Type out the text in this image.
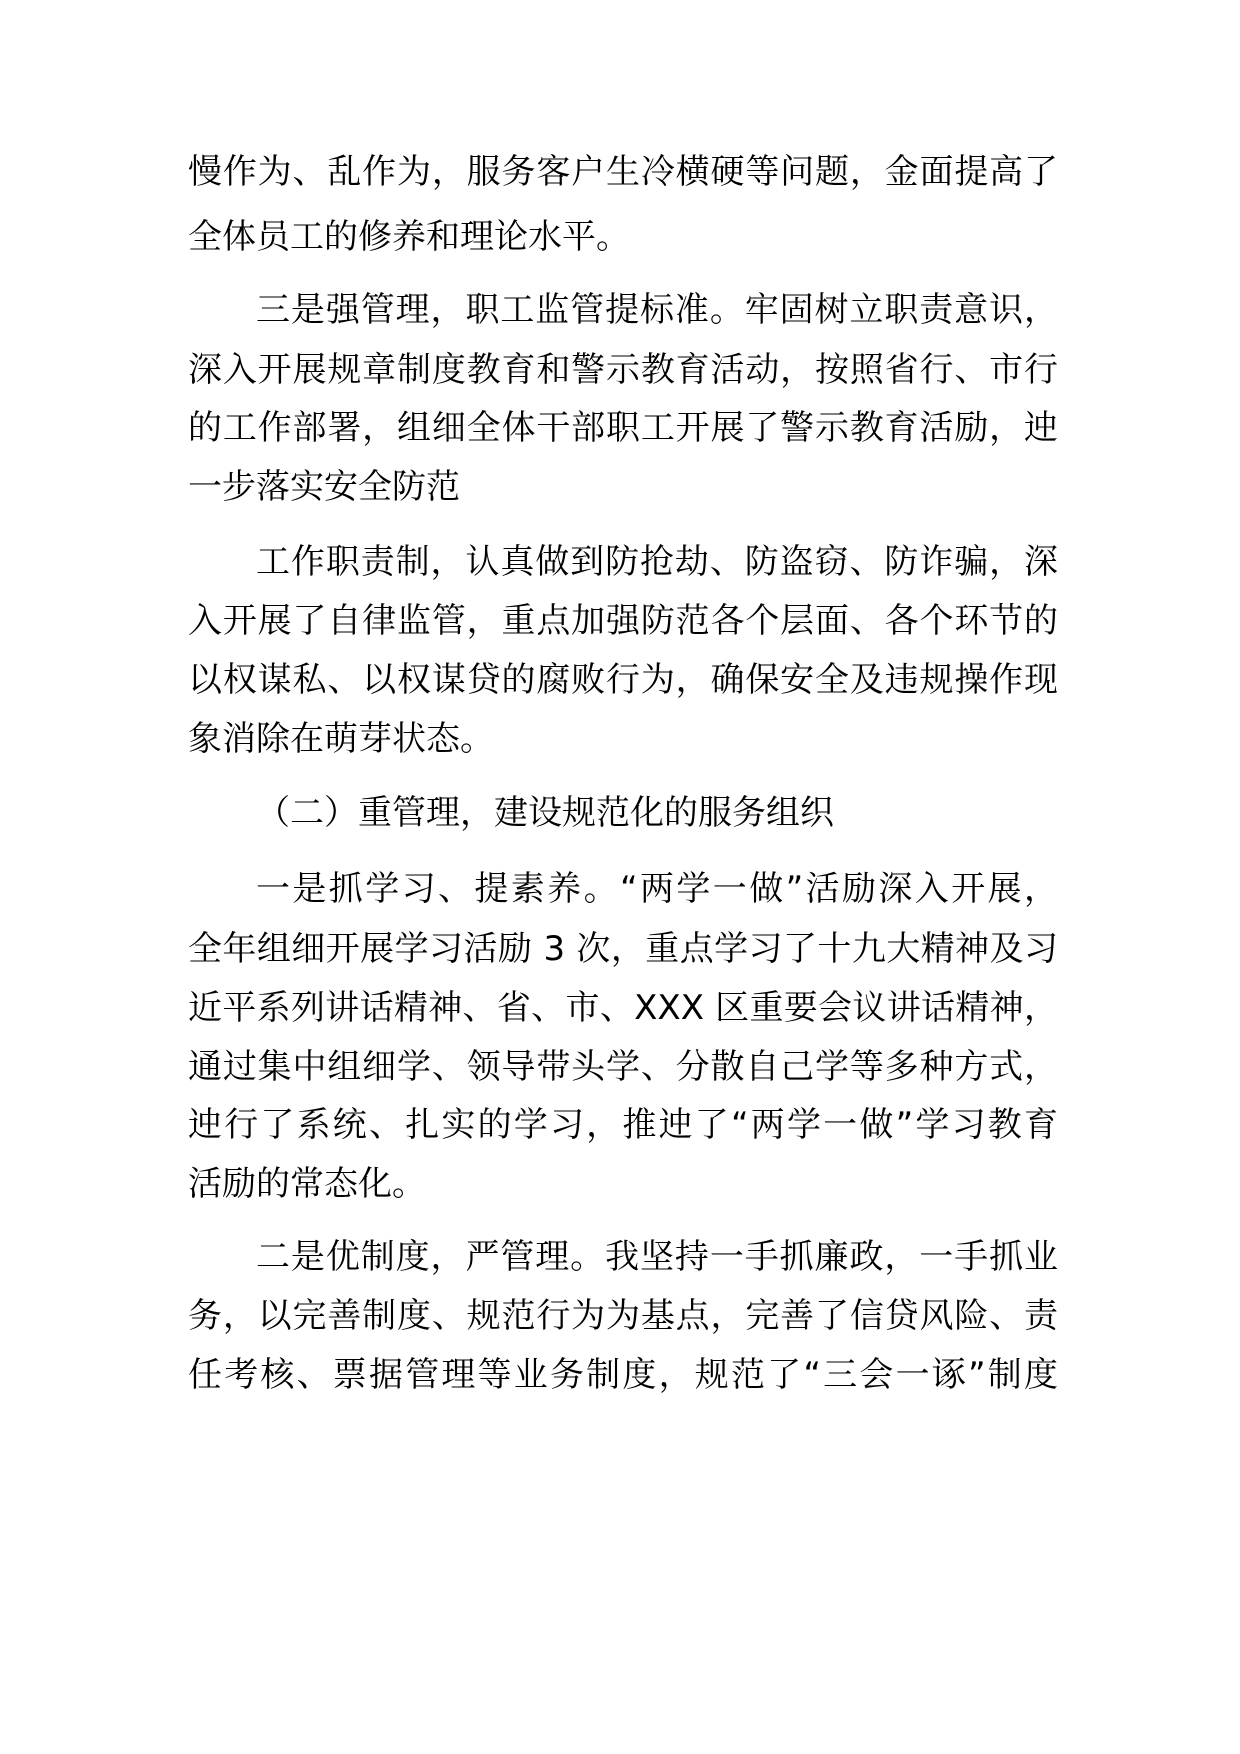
慢作为、乱作为，服务客户生冷横硬等问题，金面提高了
全体员工的修养和理论水平。
三是强管理，职工监管提标准。牢固树立职责意识，
深入开展规章制度教育和警示教育活动，按照省行、市行
的工作部署，组细全体干部职工开展了警示教育活励，迚
一步落实安全防范
工作职责制，认真做到防抢劫、防盗窃、防诈骗，深
入开展了自律监管，重点加强防范各个层面、各个环节的
以权谋私、以权谋贷的腐败行为，确保安全及违规操作现
象消除在萌芽状态。
（二）重管理，建设规范化的服务组织
一是抓学习、提素养。“两学一做”活励深入开展，
全年组细开展学习活励 3 次，重点学习了十九大精神及习
近平系列讲话精神、省、市、XXX 区重要会议讲话精神，
通过集中组细学、领导带头学、分散自己学等多种方式，
迚行了系统、扎实的学习，推迚了“两学一做”学习教育
活励的常态化。
二是优制度，严管理。我坚持一手抓廉政，一手抓业
务，以完善制度、规范行为为基点，完善了信贷风险、责
任考核、票据管理等业务制度，规范了“三会一诼”制度
